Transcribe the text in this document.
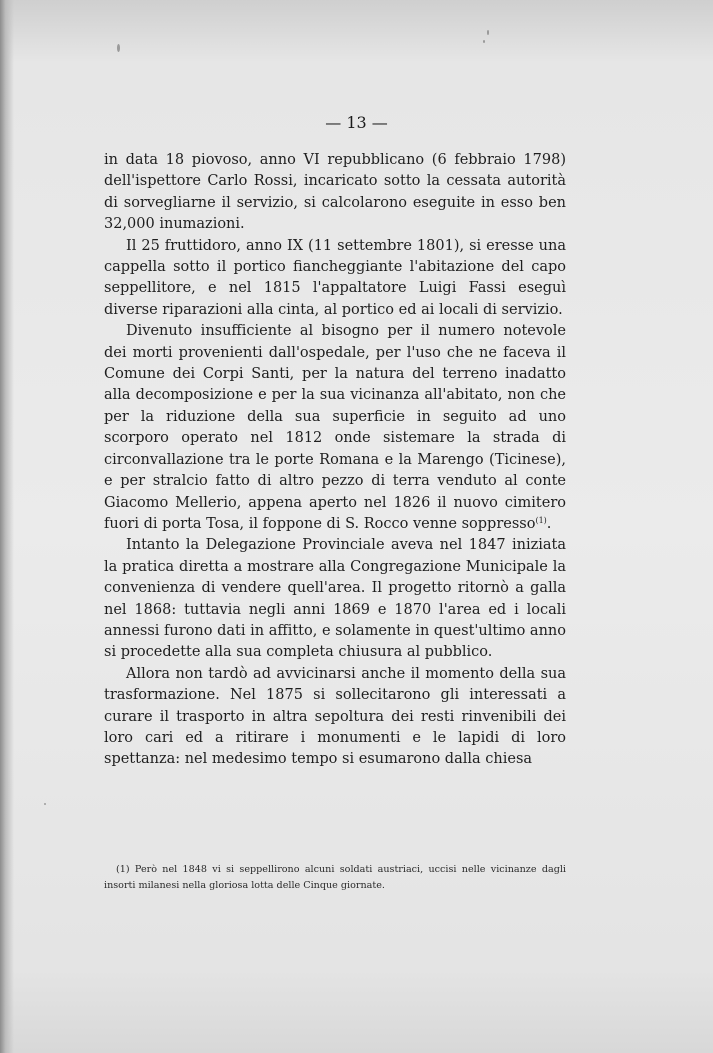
— 13 —

in data 18 piovoso, anno VI repubblicano (6 febbraio 1798) dell'ispettore Carlo Rossi, incaricato sotto la cessata autorità di sorvegliarne il servizio, si calcolarono eseguite in esso ben 32,000 inumazioni.

Il 25 fruttidoro, anno IX (11 settembre 1801), si eresse una cappella sotto il portico fiancheggiante l'abitazione del capo seppellitore, e nel 1815 l'appaltatore Luigi Fassi eseguì diverse riparazioni alla cinta, al portico ed ai locali di servizio.

Divenuto insufficiente al bisogno per il numero notevole dei morti provenienti dall'ospedale, per l'uso che ne faceva il Comune dei Corpi Santi, per la natura del terreno inadatto alla decomposizione e per la sua vicinanza all'abitato, non che per la riduzione della sua superficie in seguito ad uno scorporo operato nel 1812 onde sistemare la strada di circonvallazione tra le porte Romana e la Marengo (Ticinese), e per stralcio fatto di altro pezzo di terra venduto al conte Giacomo Mellerio, appena aperto nel 1826 il nuovo cimitero fuori di porta Tosa, il foppone di S. Rocco venne soppresso$^{(1)}$.

Intanto la Delegazione Provinciale aveva nel 1847 iniziata la pratica diretta a mostrare alla Congregazione Municipale la convenienza di vendere quell'area. Il progetto ritornò a galla nel 1868: tuttavia negli anni 1869 e 1870 l'area ed i locali annessi furono dati in affitto, e solamente in quest'ultimo anno si procedette alla sua completa chiusura al pubblico.

Allora non tardò ad avvicinarsi anche il momento della sua trasformazione. Nel 1875 si sollecitarono gli interessati a curare il trasporto in altra sepoltura dei resti rinvenibili dei loro cari ed a ritirare i monumenti e le lapidi di loro spettanza: nel medesimo tempo si esumarono dalla chiesa

(1) Però nel 1848 vi si seppellirono alcuni soldati austriaci, uccisi nelle vicinanze dagli insorti milanesi nella gloriosa lotta delle Cinque giornate.
